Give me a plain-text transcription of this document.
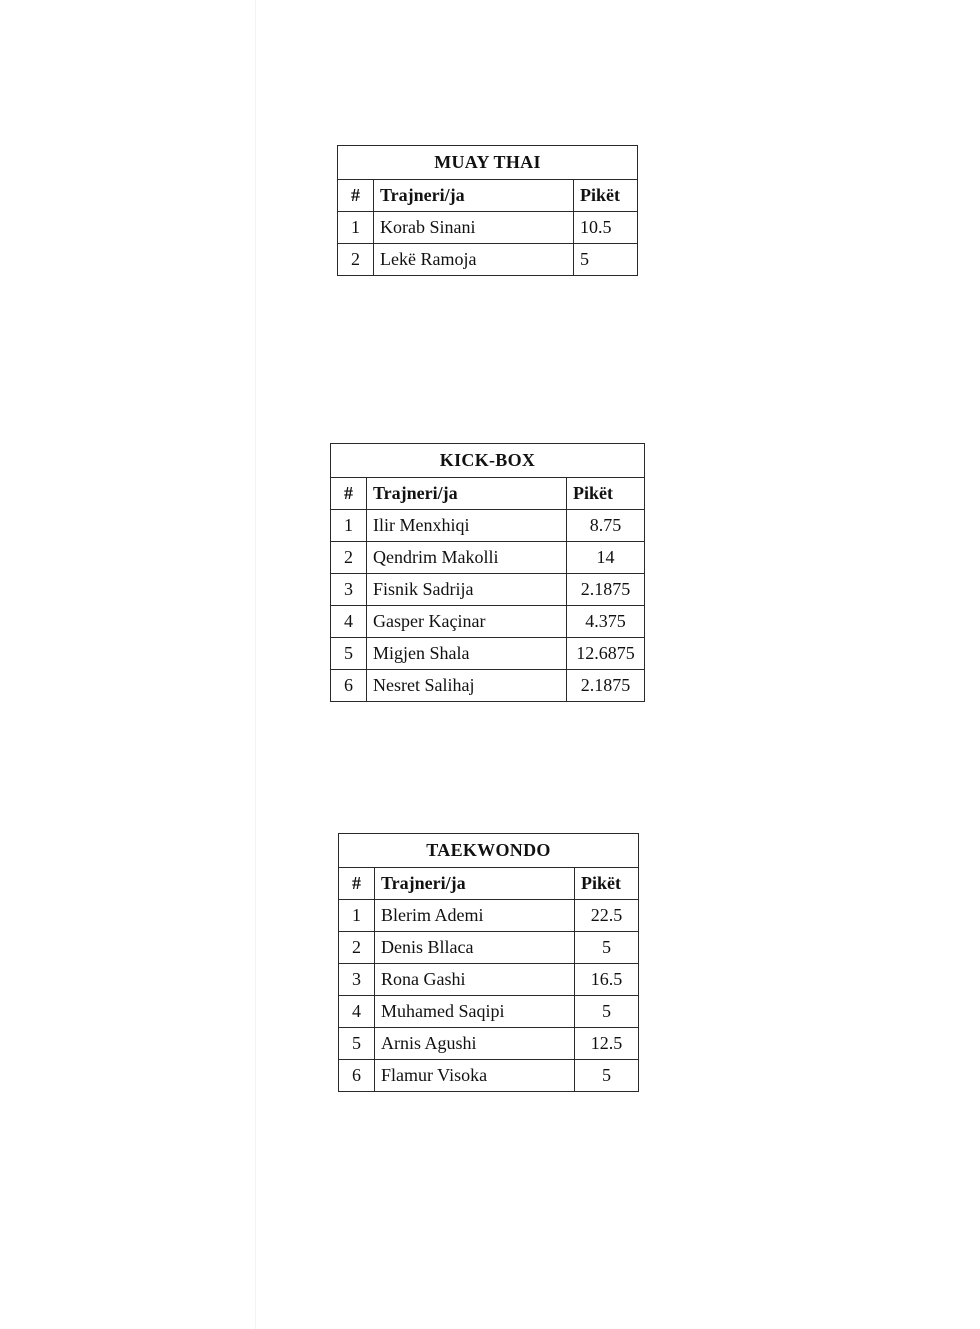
MUAY THAI		
#	Trajneri/ja	Pikët
1	Korab Sinani	10.5
2	Lekë Ramoja	5
KICK-BOX		
#	Trajneri/ja	Pikët
1	Ilir Menxhiqi	8.75
2	Qendrim Makolli	14
3	Fisnik Sadrija	2.1875
4	Gasper Kaçinar	4.375
5	Migjen Shala	12.6875
6	Nesret Salihaj	2.1875
TAEKWONDO		
#	Trajneri/ja	Pikët
1	Blerim Ademi	22.5
2	Denis Bllaca	5
3	Rona Gashi	16.5
4	Muhamed Saqipi	5
5	Arnis Agushi	12.5
6	Flamur Visoka	5
